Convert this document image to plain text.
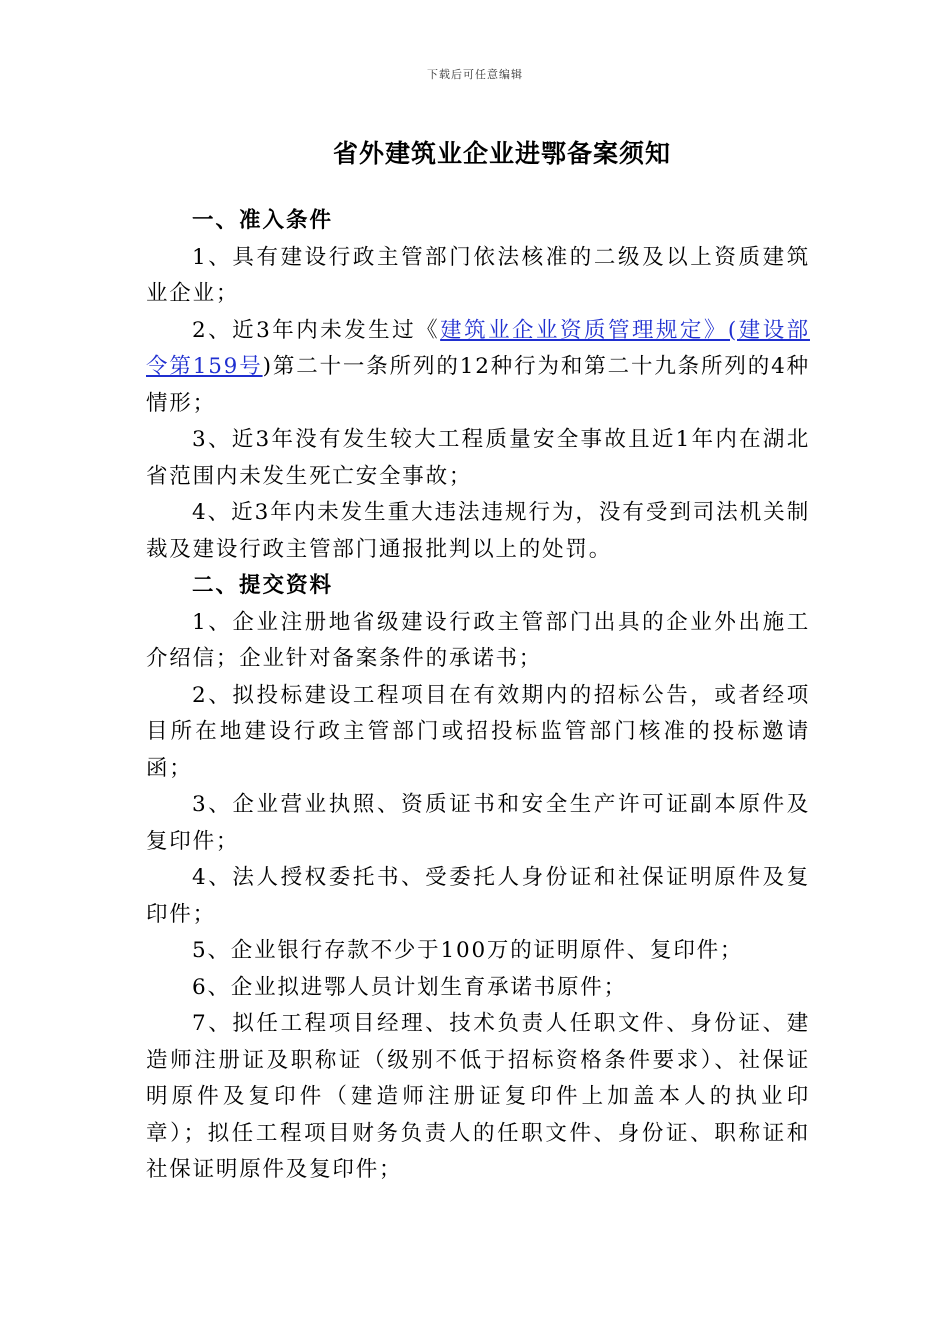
下载后可任意编辑
省外建筑业企业进鄂备案须知
一、准入条件

1、具有建设行政主管部门依法核准的二级及以上资质建筑业企业；

2、近3年内未发生过《建筑业企业资质管理规定》(建设部令第159号)第二十一条所列的12种行为和第二十九条所列的4种情形；

3、近3年没有发生较大工程质量安全事故且近1年内在湖北省范围内未发生死亡安全事故；

4、近3年内未发生重大违法违规行为，没有受到司法机关制裁及建设行政主管部门通报批判以上的处罚。

二、提交资料

1、企业注册地省级建设行政主管部门出具的企业外出施工介绍信；企业针对备案条件的承诺书；

2、拟投标建设工程项目在有效期内的招标公告，或者经项目所在地建设行政主管部门或招投标监管部门核准的投标邀请函；

3、企业营业执照、资质证书和安全生产许可证副本原件及复印件；

4、法人授权委托书、受委托人身份证和社保证明原件及复印件；

5、企业银行存款不少于100万的证明原件、复印件；

6、企业拟进鄂人员计划生育承诺书原件；

7、拟任工程项目经理、技术负责人任职文件、身份证、建造师注册证及职称证（级别不低于招标资格条件要求）、社保证明原件及复印件（建造师注册证复印件上加盖本人的执业印章）；拟任工程项目财务负责人的任职文件、身份证、职称证和社保证明原件及复印件；
